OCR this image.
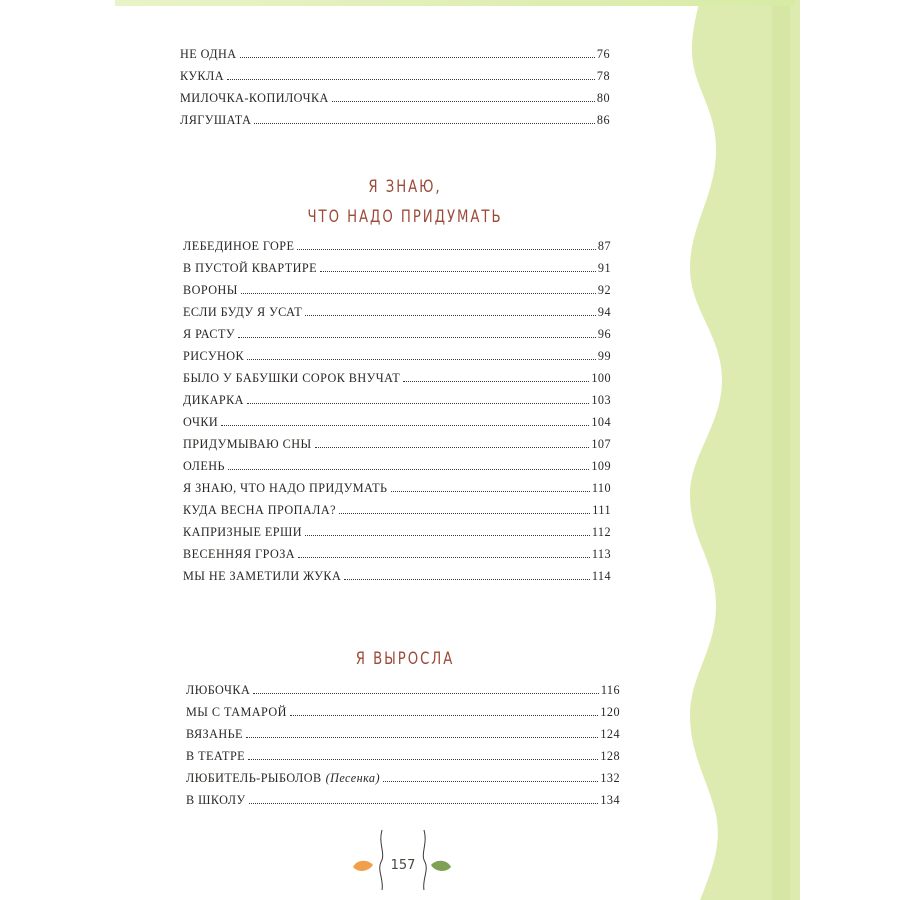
НЕ ОДНА	76
КУКЛА	78
МИЛОЧКА-КОПИЛОЧКА	80
ЛЯГУШАТА	86
ЛЕБЕДИНОЕ ГОРЕ	87
В ПУСТОЙ КВАРТИРЕ	91
ВОРОНЫ	92
ЕСЛИ БУДУ Я УСАТ	94
Я РАСТУ	96
РИСУНОК	99
БЫЛО У БАБУШКИ СОРОК ВНУЧАТ	100
ДИКАРКА	103
ОЧКИ	104
ПРИДУМЫВАЮ СНЫ	107
ОЛЕНЬ	109
Я ЗНАЮ, ЧТО НАДО ПРИДУМАТЬ	110
КУДА ВЕСНА ПРОПАЛА?	111
КАПРИЗНЫЕ ЕРШИ	112
ВЕСЕННЯЯ ГРОЗА	113
МЫ НЕ ЗАМЕТИЛИ ЖУКА	114
ЛЮБОЧКА	116
МЫ С ТАМАРОЙ	120
ВЯЗАНЬЕ	124
В ТЕАТРЕ	128
ЛЮБИТЕЛЬ-РЫБОЛОВ (Песенка)	132
В ШКОЛУ	134
Я ЗНАЮ,
ЧТО НАДО ПРИДУМАТЬ
Я ВЫРОСЛА
157
